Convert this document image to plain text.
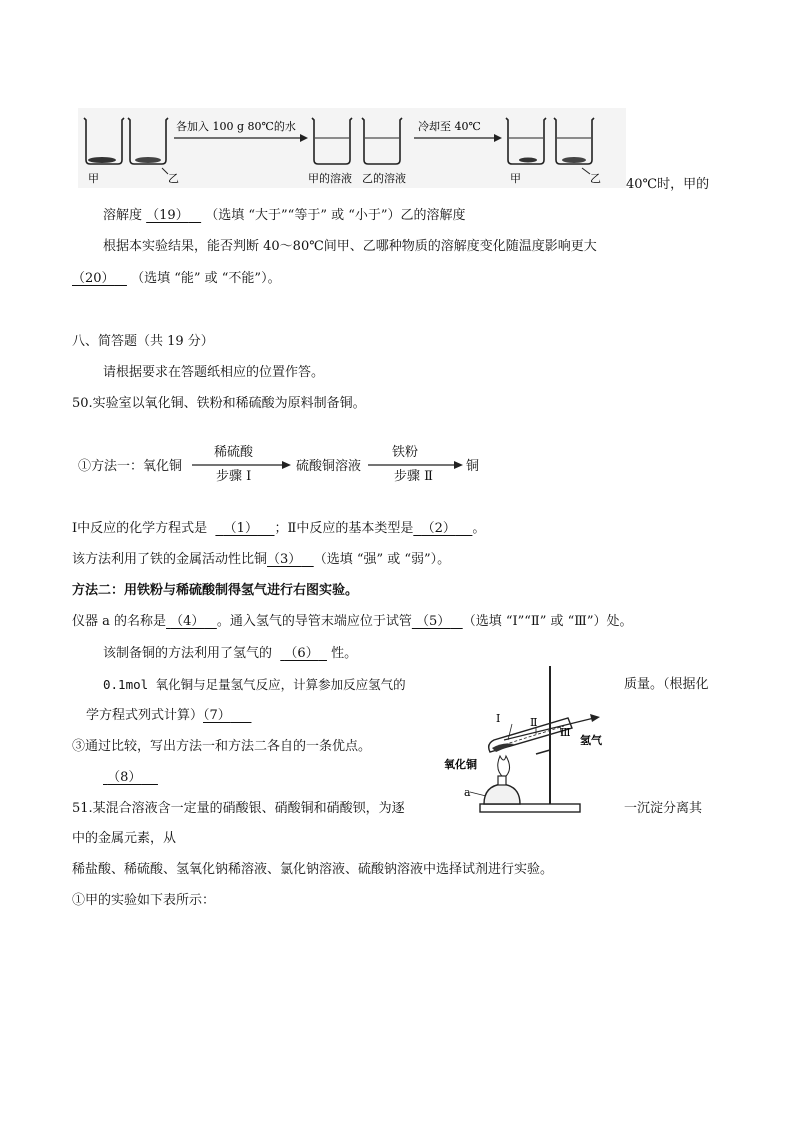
甲	乙
各加入 100 g 80℃的水
甲的溶液 乙的溶液
冷却至 40℃
甲	乙 40℃时，甲的
溶解度 （19） （选填 “大于”“等于” 或 “小于”）乙的溶解度
根据本实验结果，能否判断 40～80℃间甲、乙哪种物质的溶解度变化随温度影响更大
（20） （选填 “能” 或 “不能”）。
八、简答题（共 19 分）
请根据要求在答题纸相应的位置作答。
50.实验室以氧化铜、铁粉和稀硫酸为原料制备铜。
①方法一：氧化铜
稀硫酸
步骤 Ⅰ
硫酸铜溶液
铁粉
步骤 Ⅱ
铜
Ⅰ中反应的化学方程式是 （1） ；Ⅱ中反应的基本类型是 （2） 。
该方法利用了铁的金属活动性比铜（3） （选填 “强” 或 “弱”）。
方法二：用铁粉与稀硫酸制得氢气进行右图实验。
仪器 a 的名称是 （4） 。通入氢气的导管末端应位于试管 （5） （选填 “Ⅰ”“Ⅱ” 或 “Ⅲ”）处。
该制备铜的方法利用了氢气的 （6） 性。
0.1mol 氧化铜与足量氢气反应，计算参加反应氢气的	质量。（根据化
学方程式列式计算）（7）
③通过比较，写出方法一和方法二各自的一条优点。
（8）
Ⅰ	Ⅱ
Ⅲ
氢气
氧化铜
a
51.某混合溶液含一定量的硝酸银、硝酸铜和硝酸钡，为逐	一沉淀分离其
中的金属元素，从
稀盐酸、稀硫酸、氢氧化钠稀溶液、氯化钠溶液、硫酸钠溶液中选择试剂进行实验。
①甲的实验如下表所示：
